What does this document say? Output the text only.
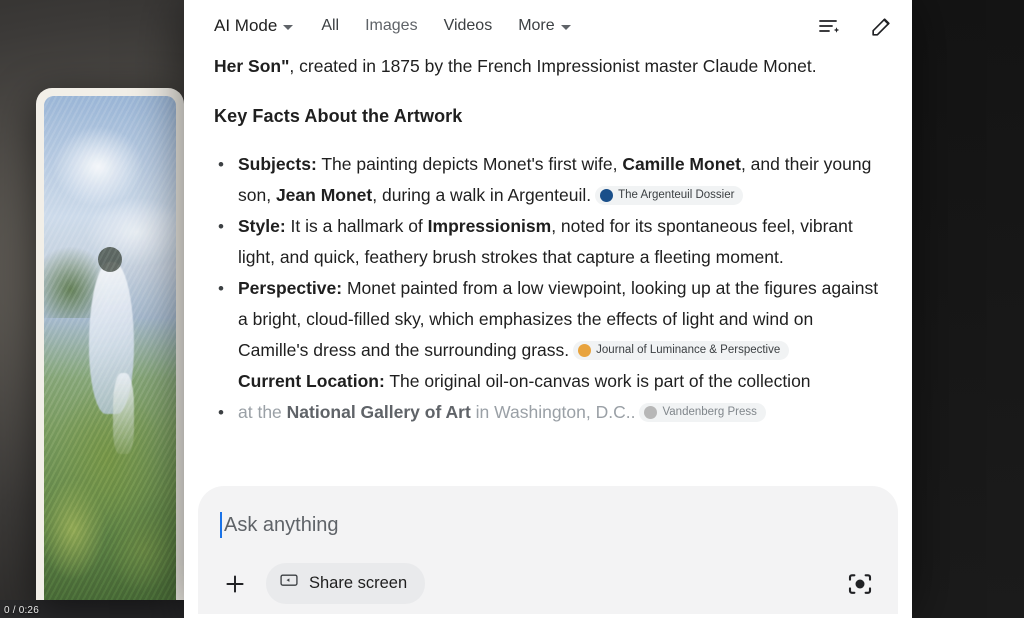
0 / 0:26
AI Mode	All Images Videos More

Her Son", created in 1875 by the French Impressionist master Claude Monet.

Key Facts About the Artwork
• Subjects: The painting depicts Monet's first wife, Camille Monet, and their young son, Jean Monet, during a walk in Argenteuil. The Argenteuil Dossier
• Style: It is a hallmark of Impressionism, noted for its spontaneous feel, vibrant light, and quick, feathery brush strokes that capture a fleeting moment.
• Perspective: Monet painted from a low viewpoint, looking up at the figures against a bright, cloud-filled sky, which emphasizes the effects of light and wind on Camille's dress and the surrounding grass. Journal of Luminance & Perspective

Current Location: The original oil-on-canvas work is part of the collection
• at the National Gallery of Art in Washington, D.C.. Vandenberg Press
Ask anything
Share screen
